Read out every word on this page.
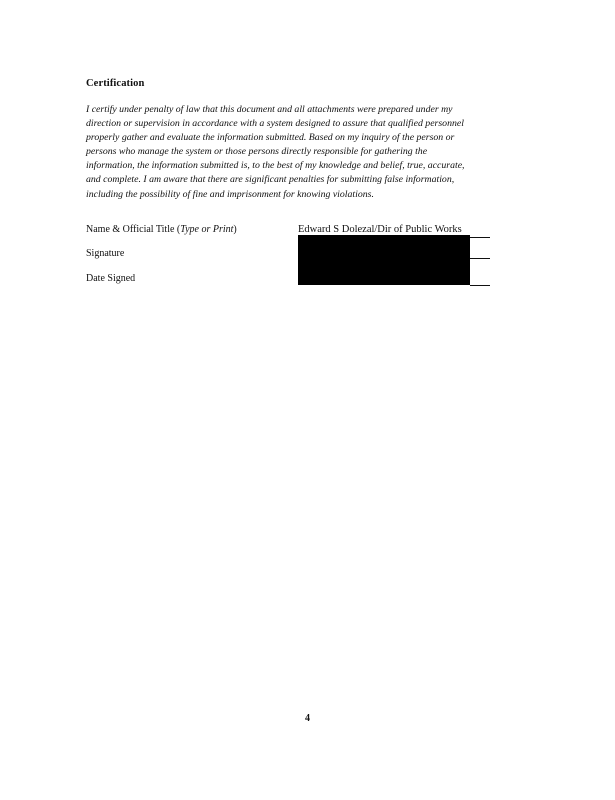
Certification
I certify under penalty of law that this document and all attachments were prepared under my
direction or supervision in accordance with a system designed to assure that qualified personnel
properly gather and evaluate the information submitted. Based on my inquiry of the person or
persons who manage the system or those persons directly responsible for gathering the
information, the information submitted is, to the best of my knowledge and belief, true, accurate,
and complete. I am aware that there are significant penalties for submitting false information,
including the possibility of fine and imprisonment for knowing violations.
Name & Official Title (Type or Print)	Edward S Dolezal/Dir of Public Works
Signature
Date Signed
4
